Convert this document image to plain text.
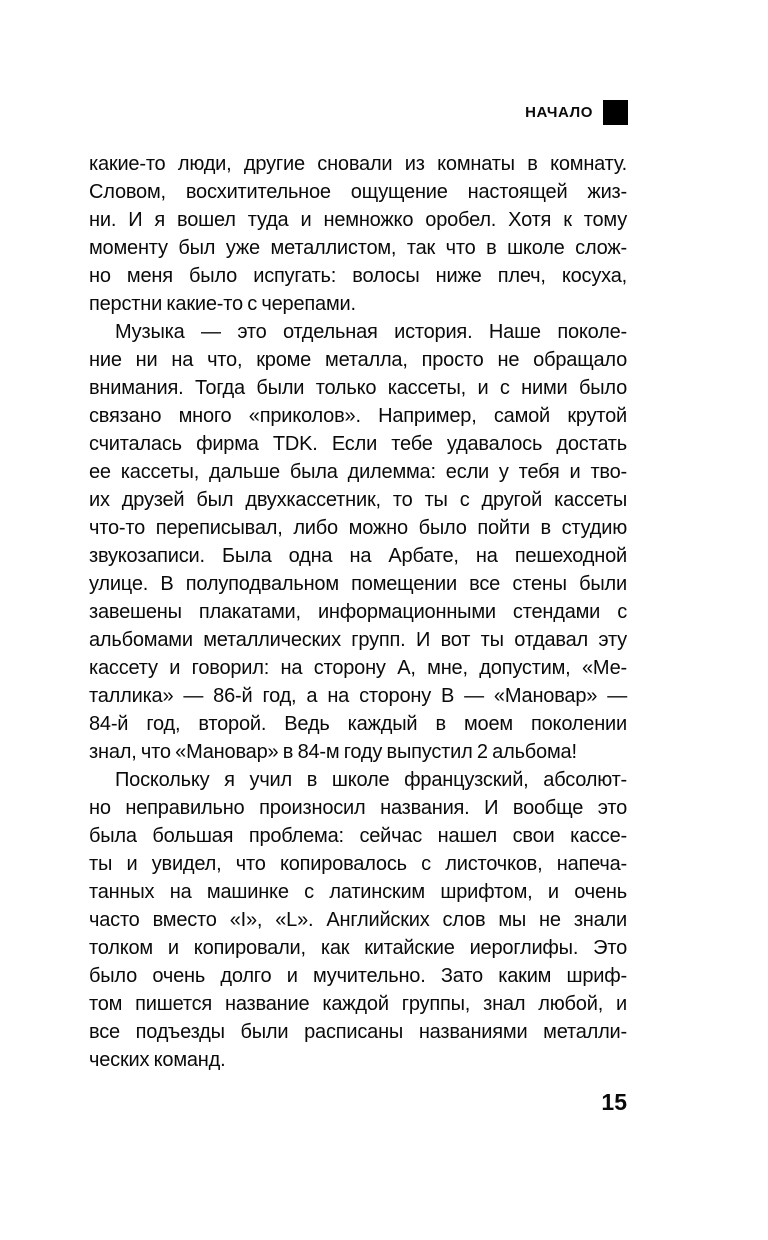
НАЧАЛО
какие-то люди, другие сновали из комнаты в комнату.
Словом, восхитительное ощущение настоящей жиз-
ни. И я вошел туда и немножко оробел. Хотя к тому
моменту был уже металлистом, так что в школе слож-
но меня было испугать: волосы ниже плеч, косуха,
перстни какие-то с черепами.
Музыка — это отдельная история. Наше поколе-
ние ни на что, кроме металла, просто не обращало
внимания. Тогда были только кассеты, и с ними было
связано много «приколов». Например, самой крутой
считалась фирма TDK. Если тебе удавалось достать
ее кассеты, дальше была дилемма: если у тебя и тво-
их друзей был двухкассетник, то ты с другой кассеты
что-то переписывал, либо можно было пойти в студию
звукозаписи. Была одна на Арбате, на пешеходной
улице. В полуподвальном помещении все стены были
завешены плакатами, информационными стендами с
альбомами металлических групп. И вот ты отдавал эту
кассету и говорил: на сторону А, мне, допустим, «Ме-
таллика» — 86-й год, а на сторону В — «Мановар» —
84-й год, второй. Ведь каждый в моем поколении
знал, что «Мановар» в 84-м году выпустил 2 альбома!
Поскольку я учил в школе французский, абсолют-
но неправильно произносил названия. И вообще это
была большая проблема: сейчас нашел свои кассе-
ты и увидел, что копировалось с листочков, напеча-
танных на машинке с латинским шрифтом, и очень
часто вместо «I», «L». Английских слов мы не знали
толком и копировали, как китайские иероглифы. Это
было очень долго и мучительно. Зато каким шриф-
том пишется название каждой группы, знал любой, и
все подъезды были расписаны названиями металли-
ческих команд.
15
